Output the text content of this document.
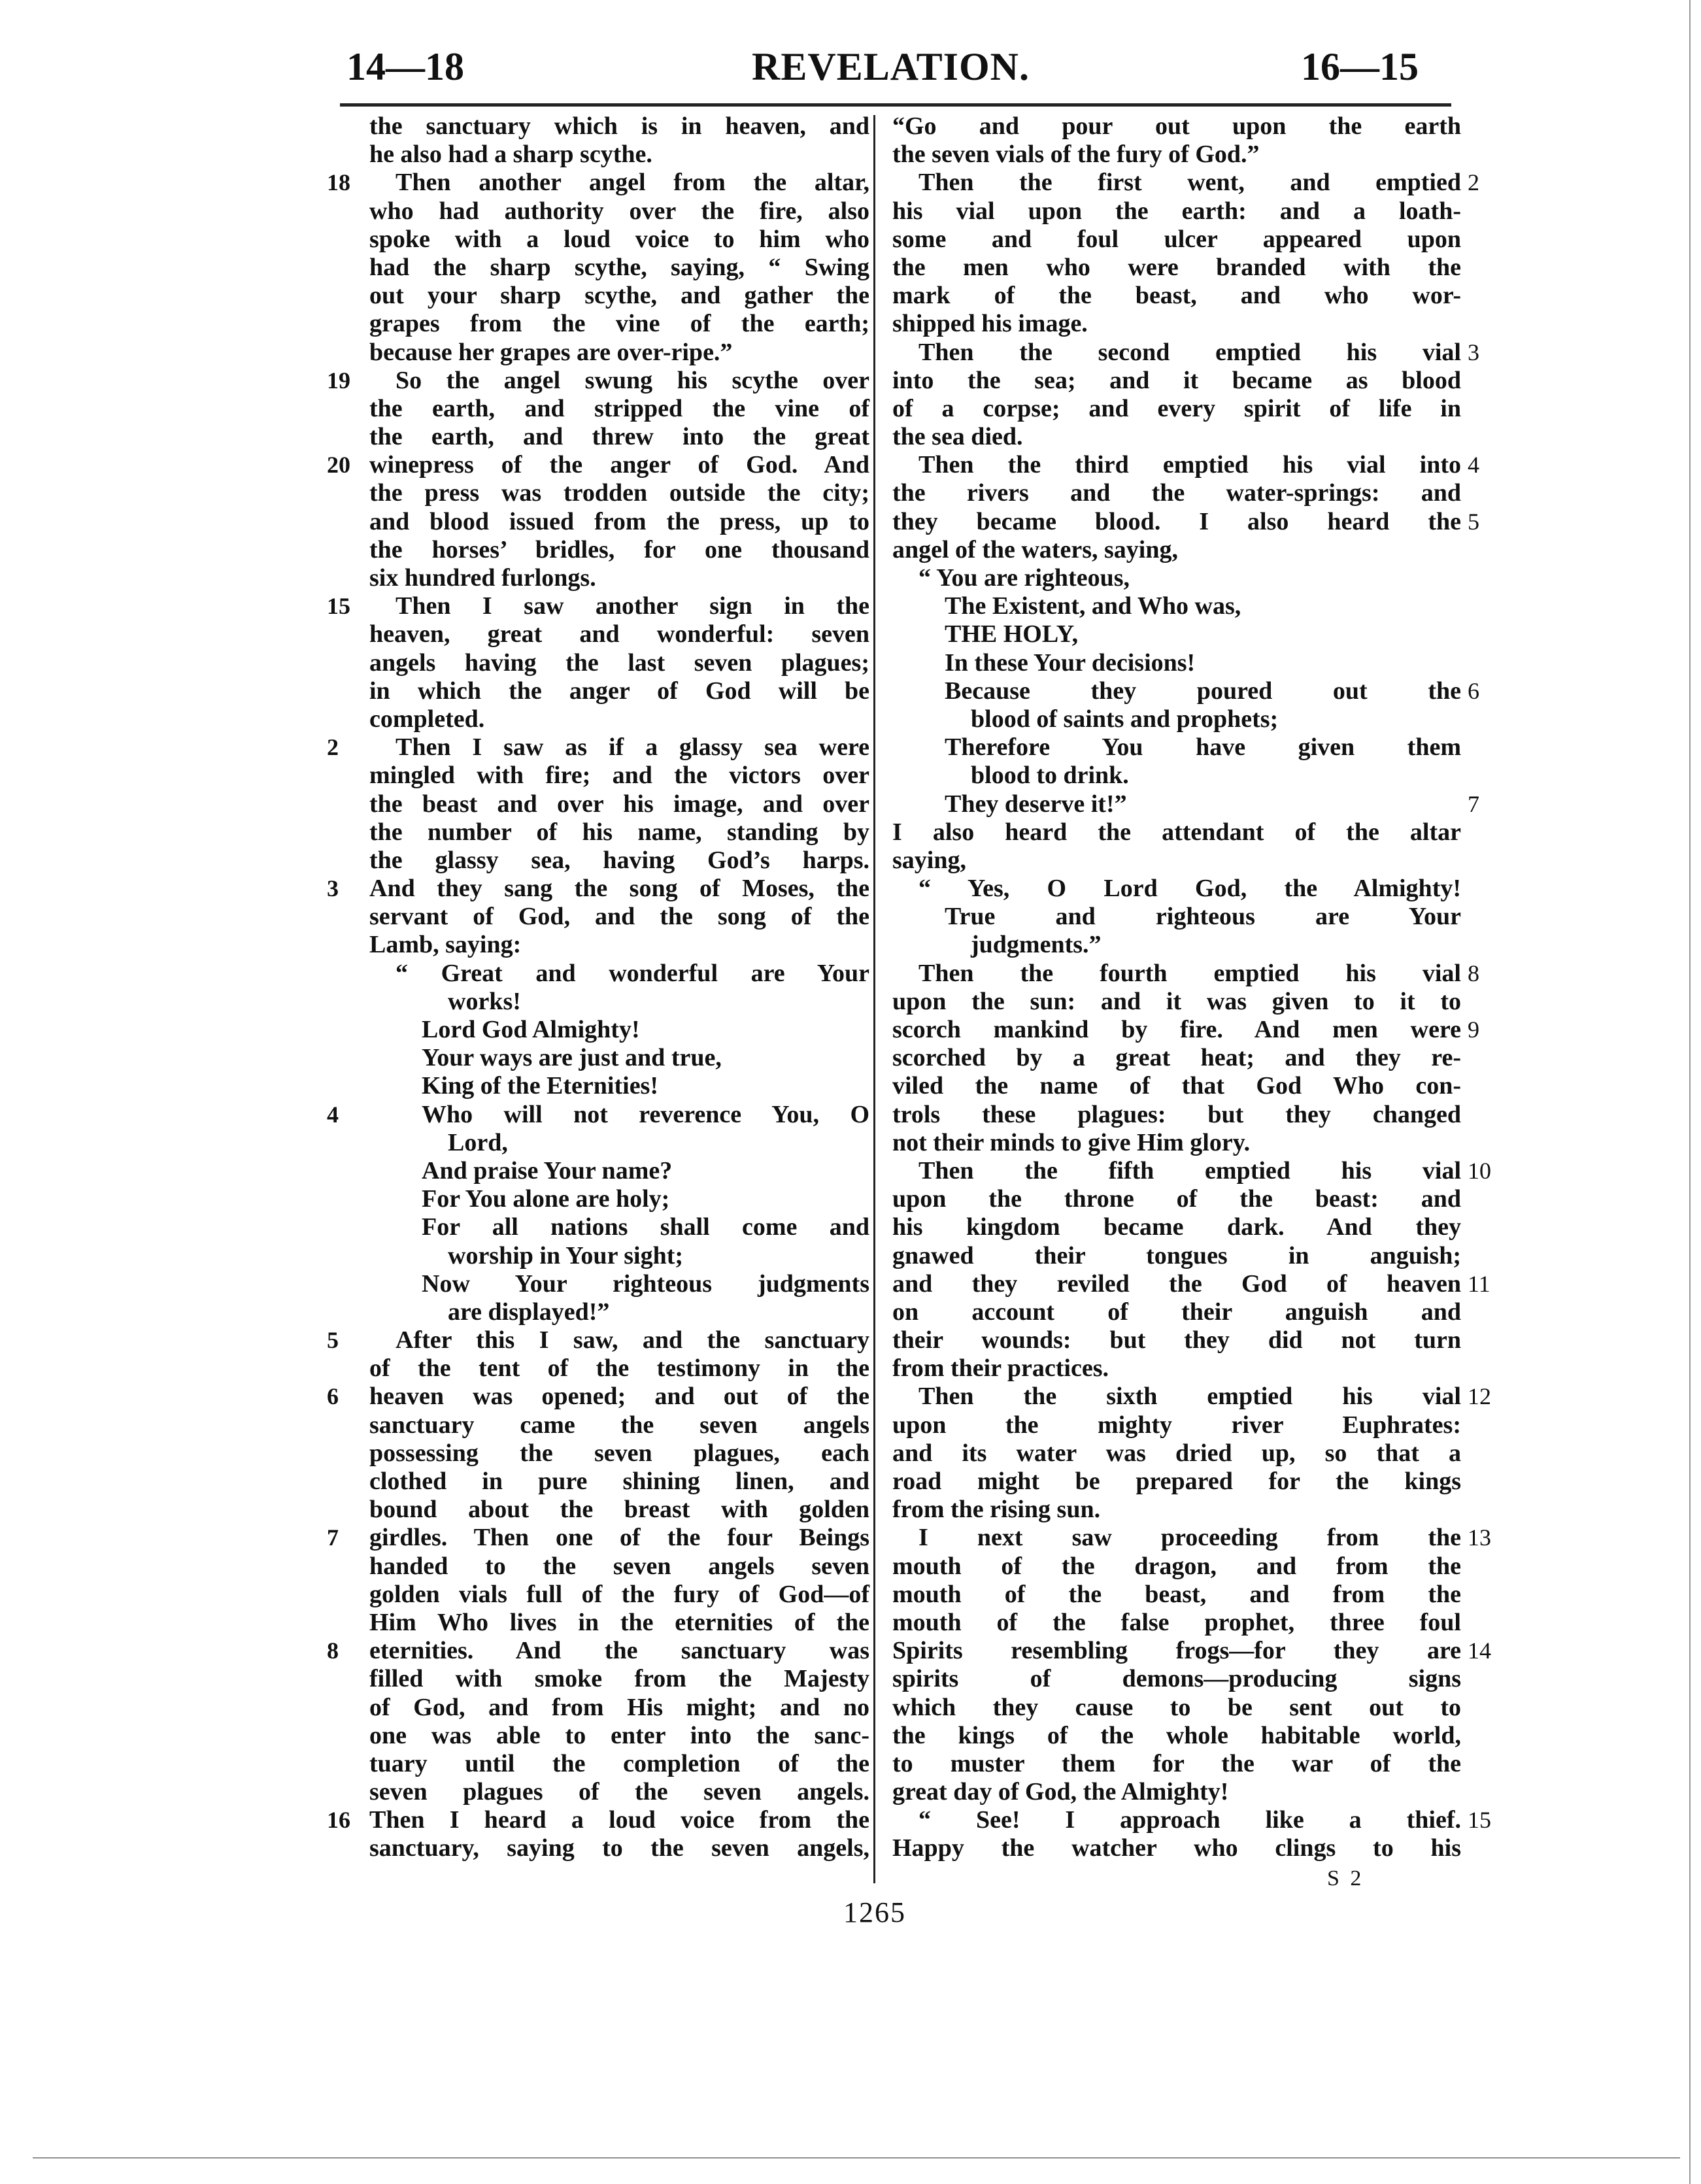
14—18	REVELATION.	16—15
the sanctuary which is in heaven, and
he also had a sharp scythe.
18	Then another angel from the altar,
who had authority over the fire, also
spoke with a loud voice to him who
had the sharp scythe, saying, “ Swing
out your sharp scythe, and gather the
grapes from the vine of the earth;
because her grapes are over-ripe.”
19	So the angel swung his scythe over
the earth, and stripped the vine of
the earth, and threw into the great
20 winepress of the anger of God. And
the press was trodden outside the city;
and blood issued from the press, up to
the horses’ bridles, for one thousand
six hundred furlongs.
15	Then I saw another sign in the
heaven, great and wonderful: seven
angels having the last seven plagues;
in which the anger of God will be
completed.
2	Then I saw as if a glassy sea were
mingled with fire; and the victors over
the beast and over his image, and over
the number of his name, standing by
the glassy sea, having God’s harps.
3	And they sang the song of Moses, the
servant of God, and the song of the
Lamb, saying:
“ Great and wonderful are Your
works!
Lord God Almighty!
Your ways are just and true,
King of the Eternities!
4	Who will not reverence You, O
Lord,
And praise Your name?
For You alone are holy;
For all nations shall come and
worship in Your sight;
Now Your righteous judgments
are displayed!”
5	After this I saw, and the sanctuary
of the tent of the testimony in the
6	heaven was opened; and out of the
sanctuary came the seven angels
possessing the seven plagues, each
clothed in pure shining linen, and
bound about the breast with golden
7	girdles. Then one of the four Beings
handed to the seven angels seven
golden vials full of the fury of God—of
Him Who lives in the eternities of the
8	eternities. And the sanctuary was
filled with smoke from the Majesty
of God, and from His might; and no
one was able to enter into the sanc-
tuary until the completion of the
seven plagues of the seven angels.
16 Then I heard a loud voice from the
sanctuary, saying to the seven angels,
“Go and pour out upon the earth
the seven vials of the fury of God.”
2
Then the first went, and emptied
his vial upon the earth: and a loath-
some and foul ulcer appeared upon
the men who were branded with the
mark of the beast, and who wor-
shipped his image.
3
Then the second emptied his vial
into the sea; and it became as blood
of a corpse; and every spirit of life in
the sea died.
4
Then the third emptied his vial into
the rivers and the water-springs: and
5
they became blood. I also heard the
angel of the waters, saying,
“ You are righteous,
The Existent, and Who was,
THE HOLY,
In these Your decisions!
6
Because they poured out the
blood of saints and prophets;
Therefore You have given them
blood to drink.
7
They deserve it!”
I also heard the attendant of the altar
saying,
“ Yes, O Lord God, the Almighty!
True and righteous are Your
judgments.”
8
Then the fourth emptied his vial
upon the sun: and it was given to it to
9
scorch mankind by fire. And men were
scorched by a great heat; and they re-
viled the name of that God Who con-
trols these plagues: but they changed
not their minds to give Him glory.
10
Then the fifth emptied his vial
upon the throne of the beast: and
his kingdom became dark. And they
gnawed their tongues in anguish;
11
and they reviled the God of heaven
on account of their anguish and
their wounds: but they did not turn
from their practices.
12
Then the sixth emptied his vial
upon the mighty river Euphrates:
and its water was dried up, so that a
road might be prepared for the kings
from the rising sun.
13
I next saw proceeding from the
mouth of the dragon, and from the
mouth of the beast, and from the
mouth of the false prophet, three foul
14
Spirits resembling frogs—for they are
spirits of demons—producing signs
which they cause to be sent out to
the kings of the whole habitable world,
to muster them for the war of the
great day of God, the Almighty!
15
“ See! I approach like a thief.
Happy the watcher who clings to his
S 2
1265
